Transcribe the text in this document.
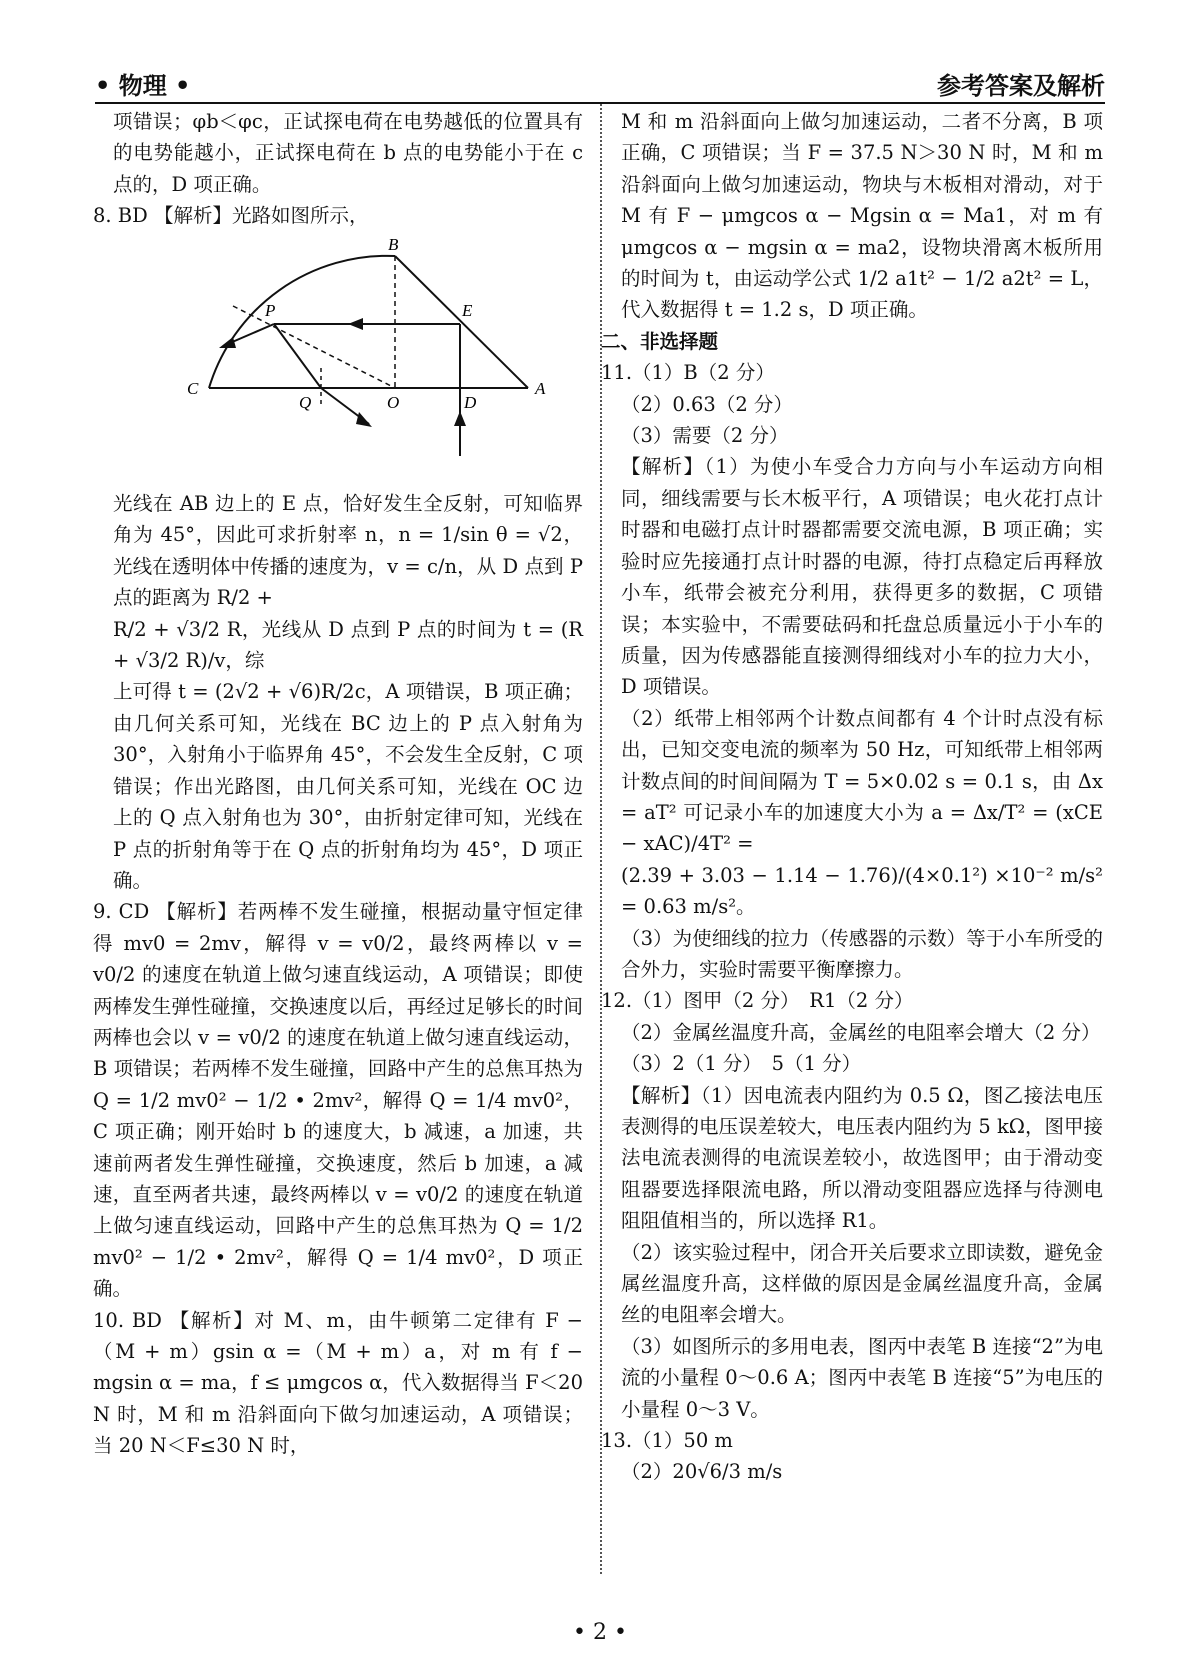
• 物理 •	参考答案及解析

项错误；φb＜φc，正试探电荷在电势越低的位置具有的电势能越小，正试探电荷在 b 点的电势能小于在 c 点的，D 项正确。

8. BD 【解析】光路如图所示，

B
P	E
C
Q	O	D
A

光线在 AB 边上的 E 点，恰好发生全反射，可知临界角为 45°，因此可求折射率 n，n = 1/sin θ = √2，光线在透明体中传播的速度为，v = c/n，从 D 点到 P 点的距离为 R/2 +

R/2 + √3/2 R，光线从 D 点到 P 点的时间为 t = (R + √3/2 R)/v，综

上可得 t = (2√2 + √6)R/2c，A 项错误，B 项正确；由几何关系可知，光线在 BC 边上的 P 点入射角为 30°，入射角小于临界角 45°，不会发生全反射，C 项错误；作出光路图，由几何关系可知，光线在 OC 边上的 Q 点入射角也为 30°，由折射定律可知，光线在 P 点的折射角等于在 Q 点的折射角均为 45°，D 项正确。

9. CD 【解析】若两棒不发生碰撞，根据动量守恒定律得 mv0 = 2mv，解得 v = v0/2，最终两棒以 v = v0/2 的速度在轨道上做匀速直线运动，A 项错误；即使两棒发生弹性碰撞，交换速度以后，再经过足够长的时间两棒也会以 v = v0/2 的速度在轨道上做匀速直线运动，B 项错误；若两棒不发生碰撞，回路中产生的总焦耳热为 Q = 1/2 mv0² − 1/2 • 2mv²，解得 Q = 1/4 mv0²，C 项正确；刚开始时 b 的速度大，b 减速，a 加速，共速前两者发生弹性碰撞，交换速度，然后 b 加速，a 减速，直至两者共速，最终两棒以 v = v0/2 的速度在轨道上做匀速直线运动，回路中产生的总焦耳热为 Q = 1/2 mv0² − 1/2 • 2mv²，解得 Q = 1/4 mv0²，D 项正确。

10. BD 【解析】对 M、m，由牛顿第二定律有 F −（M + m）gsin α =（M + m）a，对 m 有 f − mgsin α = ma，f ≤ μmgcos α，代入数据得当 F＜20 N 时，M 和 m 沿斜面向下做匀加速运动，A 项错误；当 20 N＜F≤30 N 时，

M 和 m 沿斜面向上做匀加速运动，二者不分离，B 项正确，C 项错误；当 F = 37.5 N＞30 N 时，M 和 m 沿斜面向上做匀加速运动，物块与木板相对滑动，对于 M 有 F − μmgcos α − Mgsin α = Ma1，对 m 有 μmgcos α − mgsin α = ma2，设物块滑离木板所用的时间为 t，由运动学公式 1/2 a1t² − 1/2 a2t² = L，代入数据得 t = 1.2 s，D 项正确。

二、非选择题

11.（1）B（2 分）

（2）0.63（2 分）

（3）需要（2 分）

【解析】（1）为使小车受合力方向与小车运动方向相同，细线需要与长木板平行，A 项错误；电火花打点计时器和电磁打点计时器都需要交流电源，B 项正确；实验时应先接通打点计时器的电源，待打点稳定后再释放小车，纸带会被充分利用，获得更多的数据，C 项错误；本实验中，不需要砝码和托盘总质量远小于小车的质量，因为传感器能直接测得细线对小车的拉力大小，D 项错误。

（2）纸带上相邻两个计数点间都有 4 个计时点没有标出，已知交变电流的频率为 50 Hz，可知纸带上相邻两计数点间的时间间隔为 T = 5×0.02 s = 0.1 s，由 Δx = aT² 可记录小车的加速度大小为 a = Δx/T² = (xCE − xAC)/4T² =

(2.39 + 3.03 − 1.14 − 1.76)/(4×0.1²) ×10⁻² m/s² = 0.63 m/s²。

（3）为使细线的拉力（传感器的示数）等于小车所受的合外力，实验时需要平衡摩擦力。

12.（1）图甲（2 分）　R1（2 分）

（2）金属丝温度升高，金属丝的电阻率会增大（2 分）

（3）2（1 分）　5（1 分）

【解析】（1）因电流表内阻约为 0.5 Ω，图乙接法电压表测得的电压误差较大，电压表内阻约为 5 kΩ，图甲接法电流表测得的电流误差较小，故选图甲；由于滑动变阻器要选择限流电路，所以滑动变阻器应选择与待测电阻阻值相当的，所以选择 R1。

（2）该实验过程中，闭合开关后要求立即读数，避免金属丝温度升高，这样做的原因是金属丝温度升高，金属丝的电阻率会增大。

（3）如图所示的多用电表，图丙中表笔 B 连接“2”为电流的小量程 0～0.6 A；图丙中表笔 B 连接“5”为电压的小量程 0～3 V。

13.（1）50 m

（2）20√6/3 m/s

• 2 •
